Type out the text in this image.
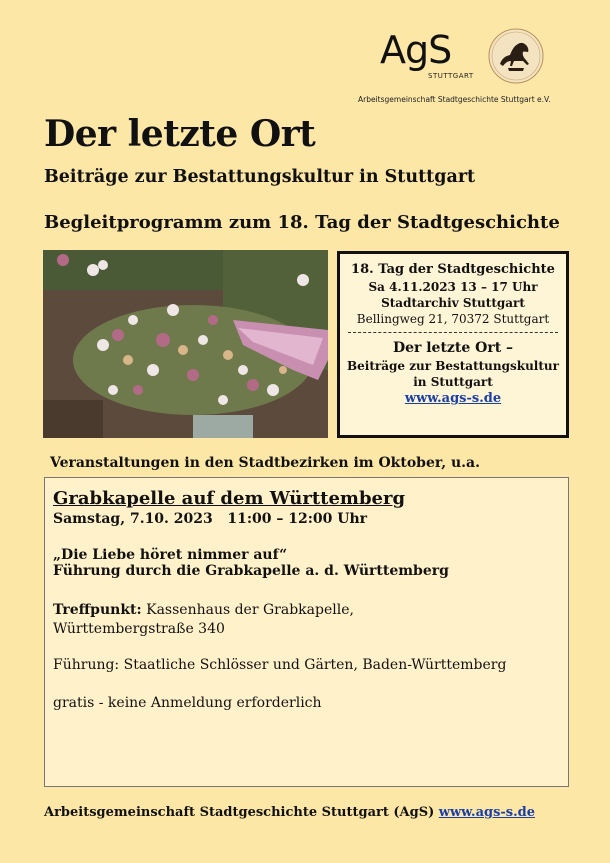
AgS
STUTTGART
Arbeitsgemeinschaft Stadtgeschichte Stuttgart e.V.
Der letzte Ort
Beiträge zur Bestattungskultur in Stuttgart
Begleitprogramm zum 18. Tag der Stadtgeschichte
18. Tag der Stadtgeschichte
Sa 4.11.2023 13 – 17 Uhr
Stadtarchiv Stuttgart
Bellingweg 21, 70372 Stuttgart
Der letzte Ort –
Beiträge zur Bestattungskultur
in Stuttgart
www.ags-s.de
Veranstaltungen in den Stadtbezirken im Oktober, u.a.

Grabkapelle auf dem Württemberg

Samstag, 7.10. 2023   11:00 – 12:00 Uhr

„Die Liebe höret nimmer auf“

Führung durch die Grabkapelle a. d. Württemberg

Treffpunkt: Kassenhaus der Grabkapelle,

Württembergstraße 340

Führung: Staatliche Schlösser und Gärten, Baden-Württemberg

gratis - keine Anmeldung erforderlich

Arbeitsgemeinschaft Stadtgeschichte Stuttgart (AgS) www.ags-s.de
